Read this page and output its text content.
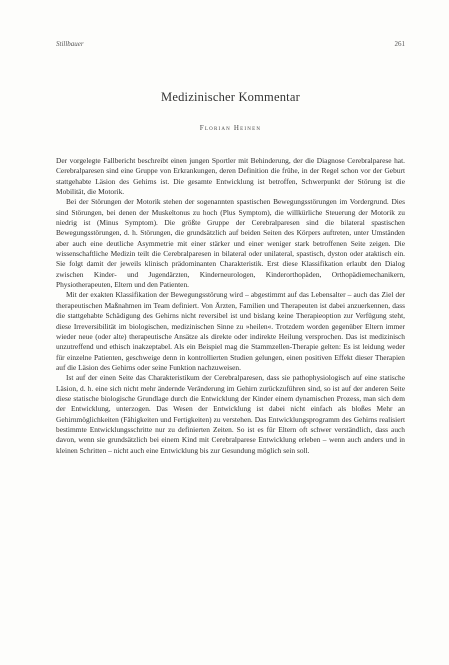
Stillbauer	261
Medizinischer Kommentar
Florian Heinen

Der vorgelegte Fallbericht beschreibt einen jungen Sportler mit Behinderung, der die Diagnose Cerebralparese hat. Cerebralparesen sind eine Gruppe von Erkrankungen, deren Definition die frühe, in der Regel schon vor der Geburt stattgehabte Läsion des Gehirns ist. Die gesamte Entwicklung ist betroffen, Schwerpunkt der Störung ist die Mobilität, die Motorik.

Bei der Störungen der Motorik stehen der sogenannten spastischen Bewegungsstörungen im Vordergrund. Dies sind Störungen, bei denen der Muskeltonus zu hoch (Plus Symptom), die willkürliche Steuerung der Motorik zu niedrig ist (Minus Symptom). Die größte Gruppe der Cerebralparesen sind die bilateral spastischen Bewegungsstörungen, d. h. Störungen, die grundsätzlich auf beiden Seiten des Körpers auftreten, unter Umständen aber auch eine deutliche Asymmetrie mit einer stärker und einer weniger stark betroffenen Seite zeigen. Die wissenschaftliche Medizin teilt die Cerebralparesen in bilateral oder unilateral, spastisch, dyston oder ataktisch ein. Sie folgt damit der jeweils klinisch prädominanten Charakteristik. Erst diese Klassifikation erlaubt den Dialog zwischen Kinder- und Jugendärzten, Kinderneurologen, Kinderorthopäden, Orthopädiemechanikern, Physiotherapeuten, Eltern und den Patienten.

Mit der exakten Klassifikation der Bewegungsstörung wird – abgestimmt auf das Lebensalter – auch das Ziel der therapeutischen Maßnahmen im Team definiert. Von Ärzten, Familien und Therapeuten ist dabei anzuerkennen, dass die stattgehabte Schädigung des Gehirns nicht reversibel ist und bislang keine Therapieoption zur Verfügung steht, diese Irreversibilität im biologischen, medizinischen Sinne zu »heilen«. Trotzdem worden gegenüber Eltern immer wieder neue (oder alte) therapeutische Ansätze als direkte oder indirekte Heilung versprochen. Das ist medizinisch unzutreffend und ethisch inakzeptabel. Als ein Beispiel mag die Stammzellen-Therapie gelten: Es ist leidung weder für einzelne Patienten, geschweige denn in kontrollierten Studien gelungen, einen positiven Effekt dieser Therapien auf die Läsion des Gehirns oder seine Funktion nachzuweisen.

Ist auf der einen Seite das Charakteristikum der Cerebralparesen, dass sie pathophysiologisch auf eine statische Läsion, d. h. eine sich nicht mehr ändernde Veränderung im Gehirn zurückzuführen sind, so ist auf der anderen Seite diese statische biologische Grundlage durch die Entwicklung der Kinder einem dynamischen Prozess, man sich dem der Entwicklung, unterzogen. Das Wesen der Entwicklung ist dabei nicht einfach als bloßes Mehr an Gehirnmöglichkeiten (Fähigkeiten und Fertigkeiten) zu verstehen. Das Entwicklungsprogramm des Gehirns realisiert bestimmte Entwicklungsschritte nur zu definierten Zeiten. So ist es für Eltern oft schwer verständlich, dass auch davon, wenn sie grundsätzlich bei einem Kind mit Cerebralparese Entwicklung erleben – wenn auch anders und in kleinen Schritten – nicht auch eine Entwicklung bis zur Gesundung möglich sein soll.
